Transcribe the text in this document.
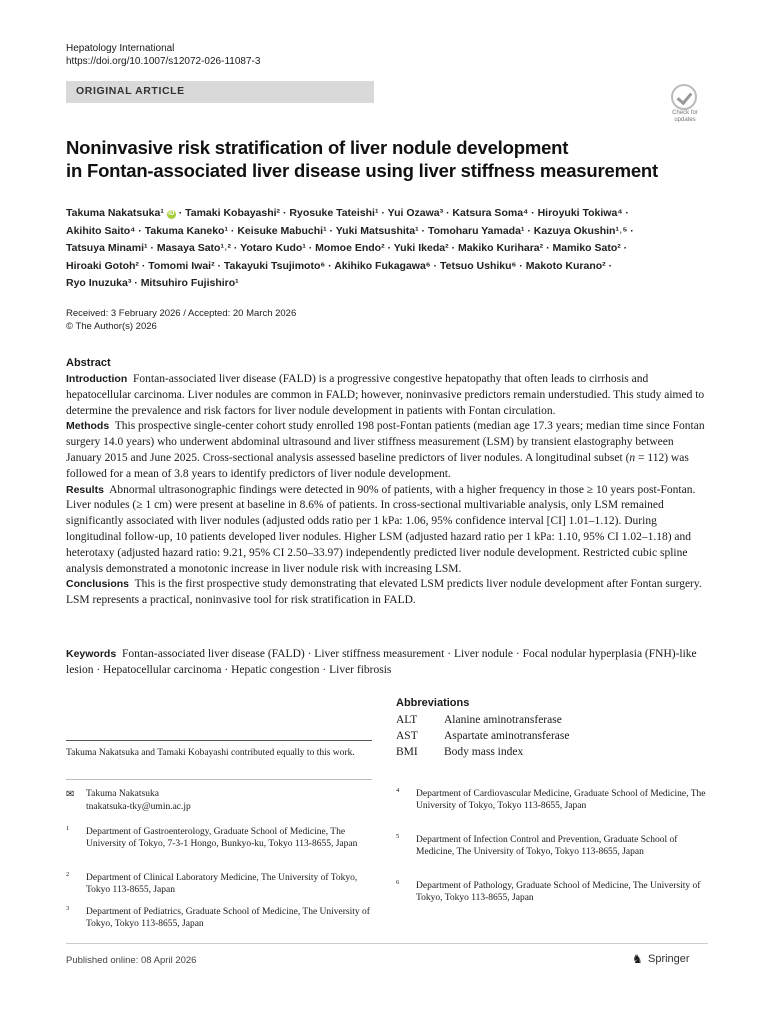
Hepatology International
https://doi.org/10.1007/s12072-026-11087-3
ORIGINAL ARTICLE
Check for updates
Noninvasive risk stratification of liver nodule development
in Fontan-associated liver disease using liver stiffness measurement
Takuma Nakatsuka¹ iD · Tamaki Kobayashi² · Ryosuke Tateishi¹ · Yui Ozawa³ · Katsura Soma⁴ · Hiroyuki Tokiwa⁴ ·
Akihito Saito⁴ · Takuma Kaneko¹ · Keisuke Mabuchi¹ · Yuki Matsushita¹ · Tomoharu Yamada¹ · Kazuya Okushin¹˒⁵ ·
Tatsuya Minami¹ · Masaya Sato¹˒² · Yotaro Kudo¹ · Momoe Endo² · Yuki Ikeda² · Makiko Kurihara² · Mamiko Sato² ·
Hiroaki Gotoh² · Tomomi Iwai² · Takayuki Tsujimoto⁶ · Akihiko Fukagawa⁶ · Tetsuo Ushiku⁶ · Makoto Kurano² ·
Ryo Inuzuka³ · Mitsuhiro Fujishiro¹
Received: 3 February 2026 / Accepted: 20 March 2026
© The Author(s) 2026
Abstract

Introduction Fontan-associated liver disease (FALD) is a progressive congestive hepatopathy that often leads to cirrhosis and hepatocellular carcinoma. Liver nodules are common in FALD; however, noninvasive predictors remain understudied. This study aimed to determine the prevalence and risk factors for liver nodule development in patients with Fontan circulation.

Methods This prospective single-center cohort study enrolled 198 post-Fontan patients (median age 17.3 years; median time since Fontan surgery 14.0 years) who underwent abdominal ultrasound and liver stiffness measurement (LSM) by transient elastography between January 2015 and June 2025. Cross-sectional analysis assessed baseline predictors of liver nodules. A longitudinal subset (n = 112) was followed for a mean of 3.8 years to identify predictors of liver nodule development.

Results Abnormal ultrasonographic findings were detected in 90% of patients, with a higher frequency in those ≥ 10 years post-Fontan. Liver nodules (≥ 1 cm) were present at baseline in 8.6% of patients. In cross-sectional multivariable analysis, only LSM remained significantly associated with liver nodules (adjusted odds ratio per 1 kPa: 1.06, 95% confidence interval [CI] 1.01–1.12). During longitudinal follow-up, 10 patients developed liver nodules. Higher LSM (adjusted hazard ratio per 1 kPa: 1.10, 95% CI 1.02–1.18) and heterotaxy (adjusted hazard ratio: 9.21, 95% CI 2.50–33.97) independently predicted liver nodule development. Restricted cubic spline analysis demonstrated a monotonic increase in liver nodule risk with increasing LSM.

Conclusions This is the first prospective study demonstrating that elevated LSM predicts liver nodule development after Fontan surgery. LSM represents a practical, noninvasive tool for risk stratification in FALD.

Keywords Fontan-associated liver disease (FALD) · Liver stiffness measurement · Liver nodule · Focal nodular hyperplasia (FNH)-like lesion · Hepatocellular carcinoma · Hepatic congestion · Liver fibrosis
Abbreviations
ALT Alanine aminotransferase
AST Aspartate aminotransferase
BMI Body mass index
Takuma Nakatsuka and Tamaki Kobayashi contributed equally to this work.
✉ Takuma Nakatsuka
tnakatsuka-tky@umin.ac.jp
1 Department of Gastroenterology, Graduate School of Medicine, The University of Tokyo, 7-3-1 Hongo, Bunkyo-ku, Tokyo 113-8655, Japan
2 Department of Clinical Laboratory Medicine, The University of Tokyo, Tokyo 113-8655, Japan
3 Department of Pediatrics, Graduate School of Medicine, The University of Tokyo, Tokyo 113-8655, Japan
4 Department of Cardiovascular Medicine, Graduate School of Medicine, The University of Tokyo, Tokyo 113-8655, Japan
5 Department of Infection Control and Prevention, Graduate School of Medicine, The University of Tokyo, Tokyo 113-8655, Japan
6 Department of Pathology, Graduate School of Medicine, The University of Tokyo, Tokyo 113-8655, Japan
Published online: 08 April 2026	♞ Springer
